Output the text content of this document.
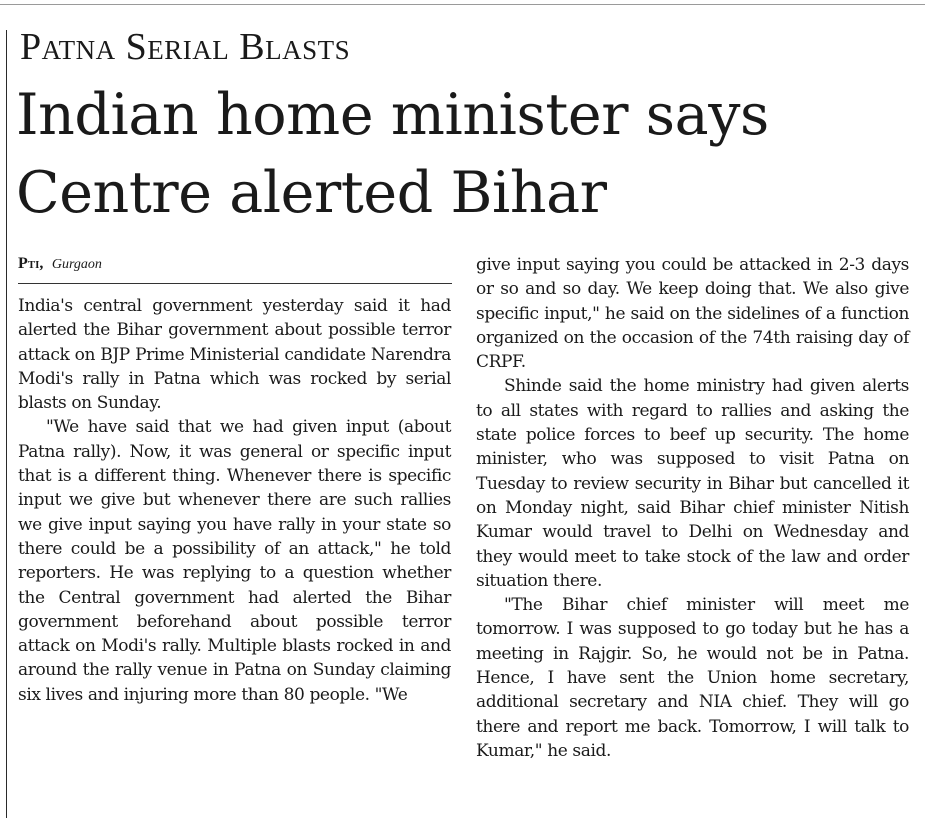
Patna Serial Blasts
Indian home minister says Centre alerted Bihar
Pti, Gurgaon

India's central government yesterday said it had alerted the Bihar government about possible terror attack on BJP Prime Ministerial candidate Narendra Modi's rally in Patna which was rocked by serial blasts on Sunday.

"We have said that we had given input (about Patna rally). Now, it was general or specific input that is a different thing. Whenever there is specific input we give but whenever there are such rallies we give input saying you have rally in your state so there could be a possibility of an attack," he told reporters. He was replying to a question whether the Central government had alerted the Bihar government beforehand about possible terror attack on Modi's rally. Multiple blasts rocked in and around the rally venue in Patna on Sunday claiming six lives and injuring more than 80 people. "We

give input saying you could be attacked in 2-3 days or so and so day. We keep doing that. We also give specific input," he said on the sidelines of a function organized on the occasion of the 74th raising day of CRPF.

Shinde said the home ministry had given alerts to all states with regard to rallies and asking the state police forces to beef up security. The home minister, who was supposed to visit Patna on Tuesday to review security in Bihar but cancelled it on Monday night, said Bihar chief minister Nitish Kumar would travel to Delhi on Wednesday and they would meet to take stock of the law and order situation there.

"The Bihar chief minister will meet me tomorrow. I was supposed to go today but he has a meeting in Rajgir. So, he would not be in Patna. Hence, I have sent the Union home secretary, additional secretary and NIA chief. They will go there and report me back. Tomorrow, I will talk to Kumar," he said.
